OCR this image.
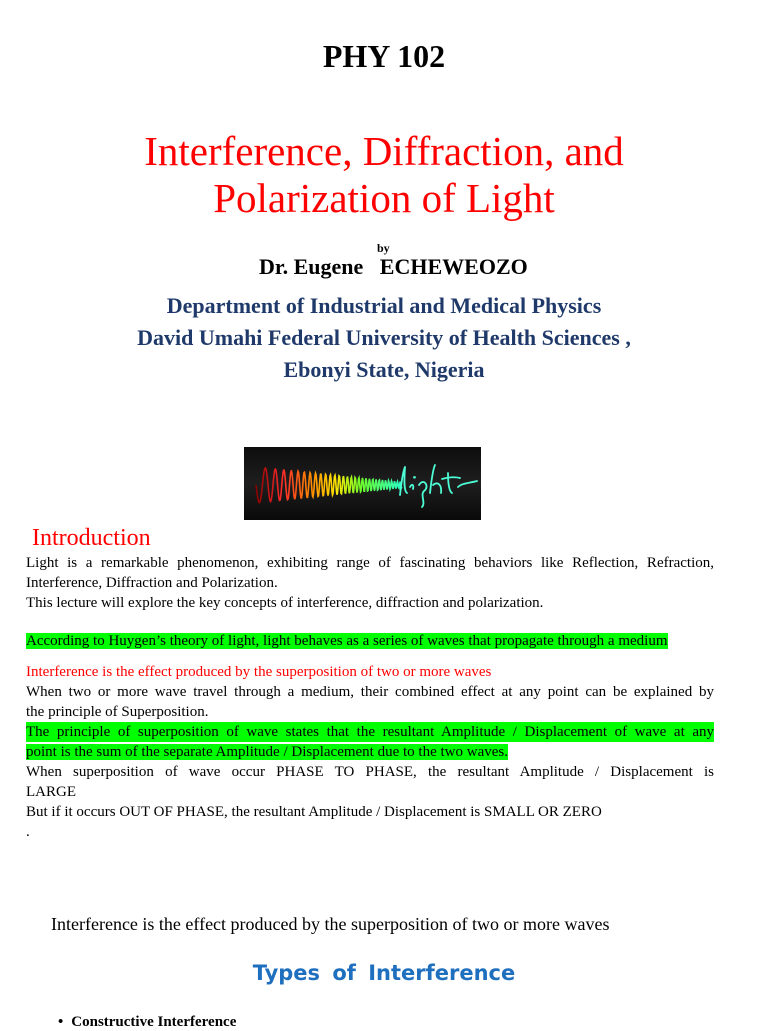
PHY 102
Interference, Diffraction, and
Polarization of Light
by
Dr. Eugene   ECHEWEOZO
Department of Industrial and Medical Physics
David Umahi Federal University of Health Sciences ,
Ebonyi State, Nigeria
Introduction
Light is a remarkable phenomenon, exhibiting range of fascinating behaviors like Reflection, Refraction,
Interference, Diffraction and Polarization.
This lecture will explore the key concepts of interference, diffraction and polarization.
According to Huygen’s theory of light, light behaves as a series of waves that propagate through a medium
Interference is the effect produced by the superposition of two or more waves
When two or more wave travel through a medium, their combined effect at any point can be explained by
the principle of Superposition.
The principle of superposition of wave states that the resultant Amplitude / Displacement of wave at any
point is the sum of the separate Amplitude / Displacement due to the two waves.
When superposition of wave occur PHASE TO PHASE, the resultant Amplitude / Displacement is
LARGE
But if it occurs OUT OF PHASE, the resultant Amplitude / Displacement is SMALL OR ZERO
.
Interference is the effect produced by the superposition of two or more waves
Types of Interference
• Constructive Interference
